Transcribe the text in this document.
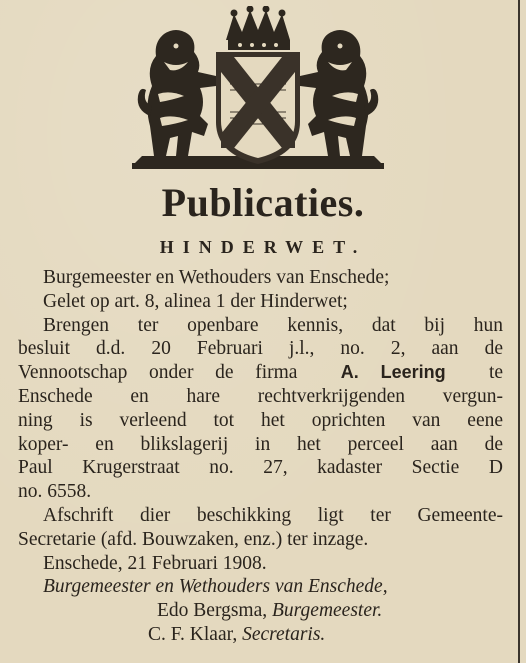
Publicaties.
HINDERWET.
Burgemeester en Wethouders van Enschede;
Gelet op art. 8, alinea 1 der Hinderwet;
Brengen ter openbare kennis, dat bij hun
besluit d.d. 20 Februari j.l., no. 2, aan de
Vennootschap onder de firma A. Leering te
Enschede en hare rechtverkrijgenden vergun-
ning is verleend tot het oprichten van eene
koper- en blikslagerij in het perceel aan de
Paul Krugerstraat no. 27, kadaster Sectie D
no. 6558.
Afschrift dier beschikking ligt ter Gemeente-
Secretarie (afd. Bouwzaken, enz.) ter inzage.
Enschede, 21 Februari 1908.
Burgemeester en Wethouders van Enschede,
Edo Bergsma, Burgemeester.
C. F. Klaar, Secretaris.
